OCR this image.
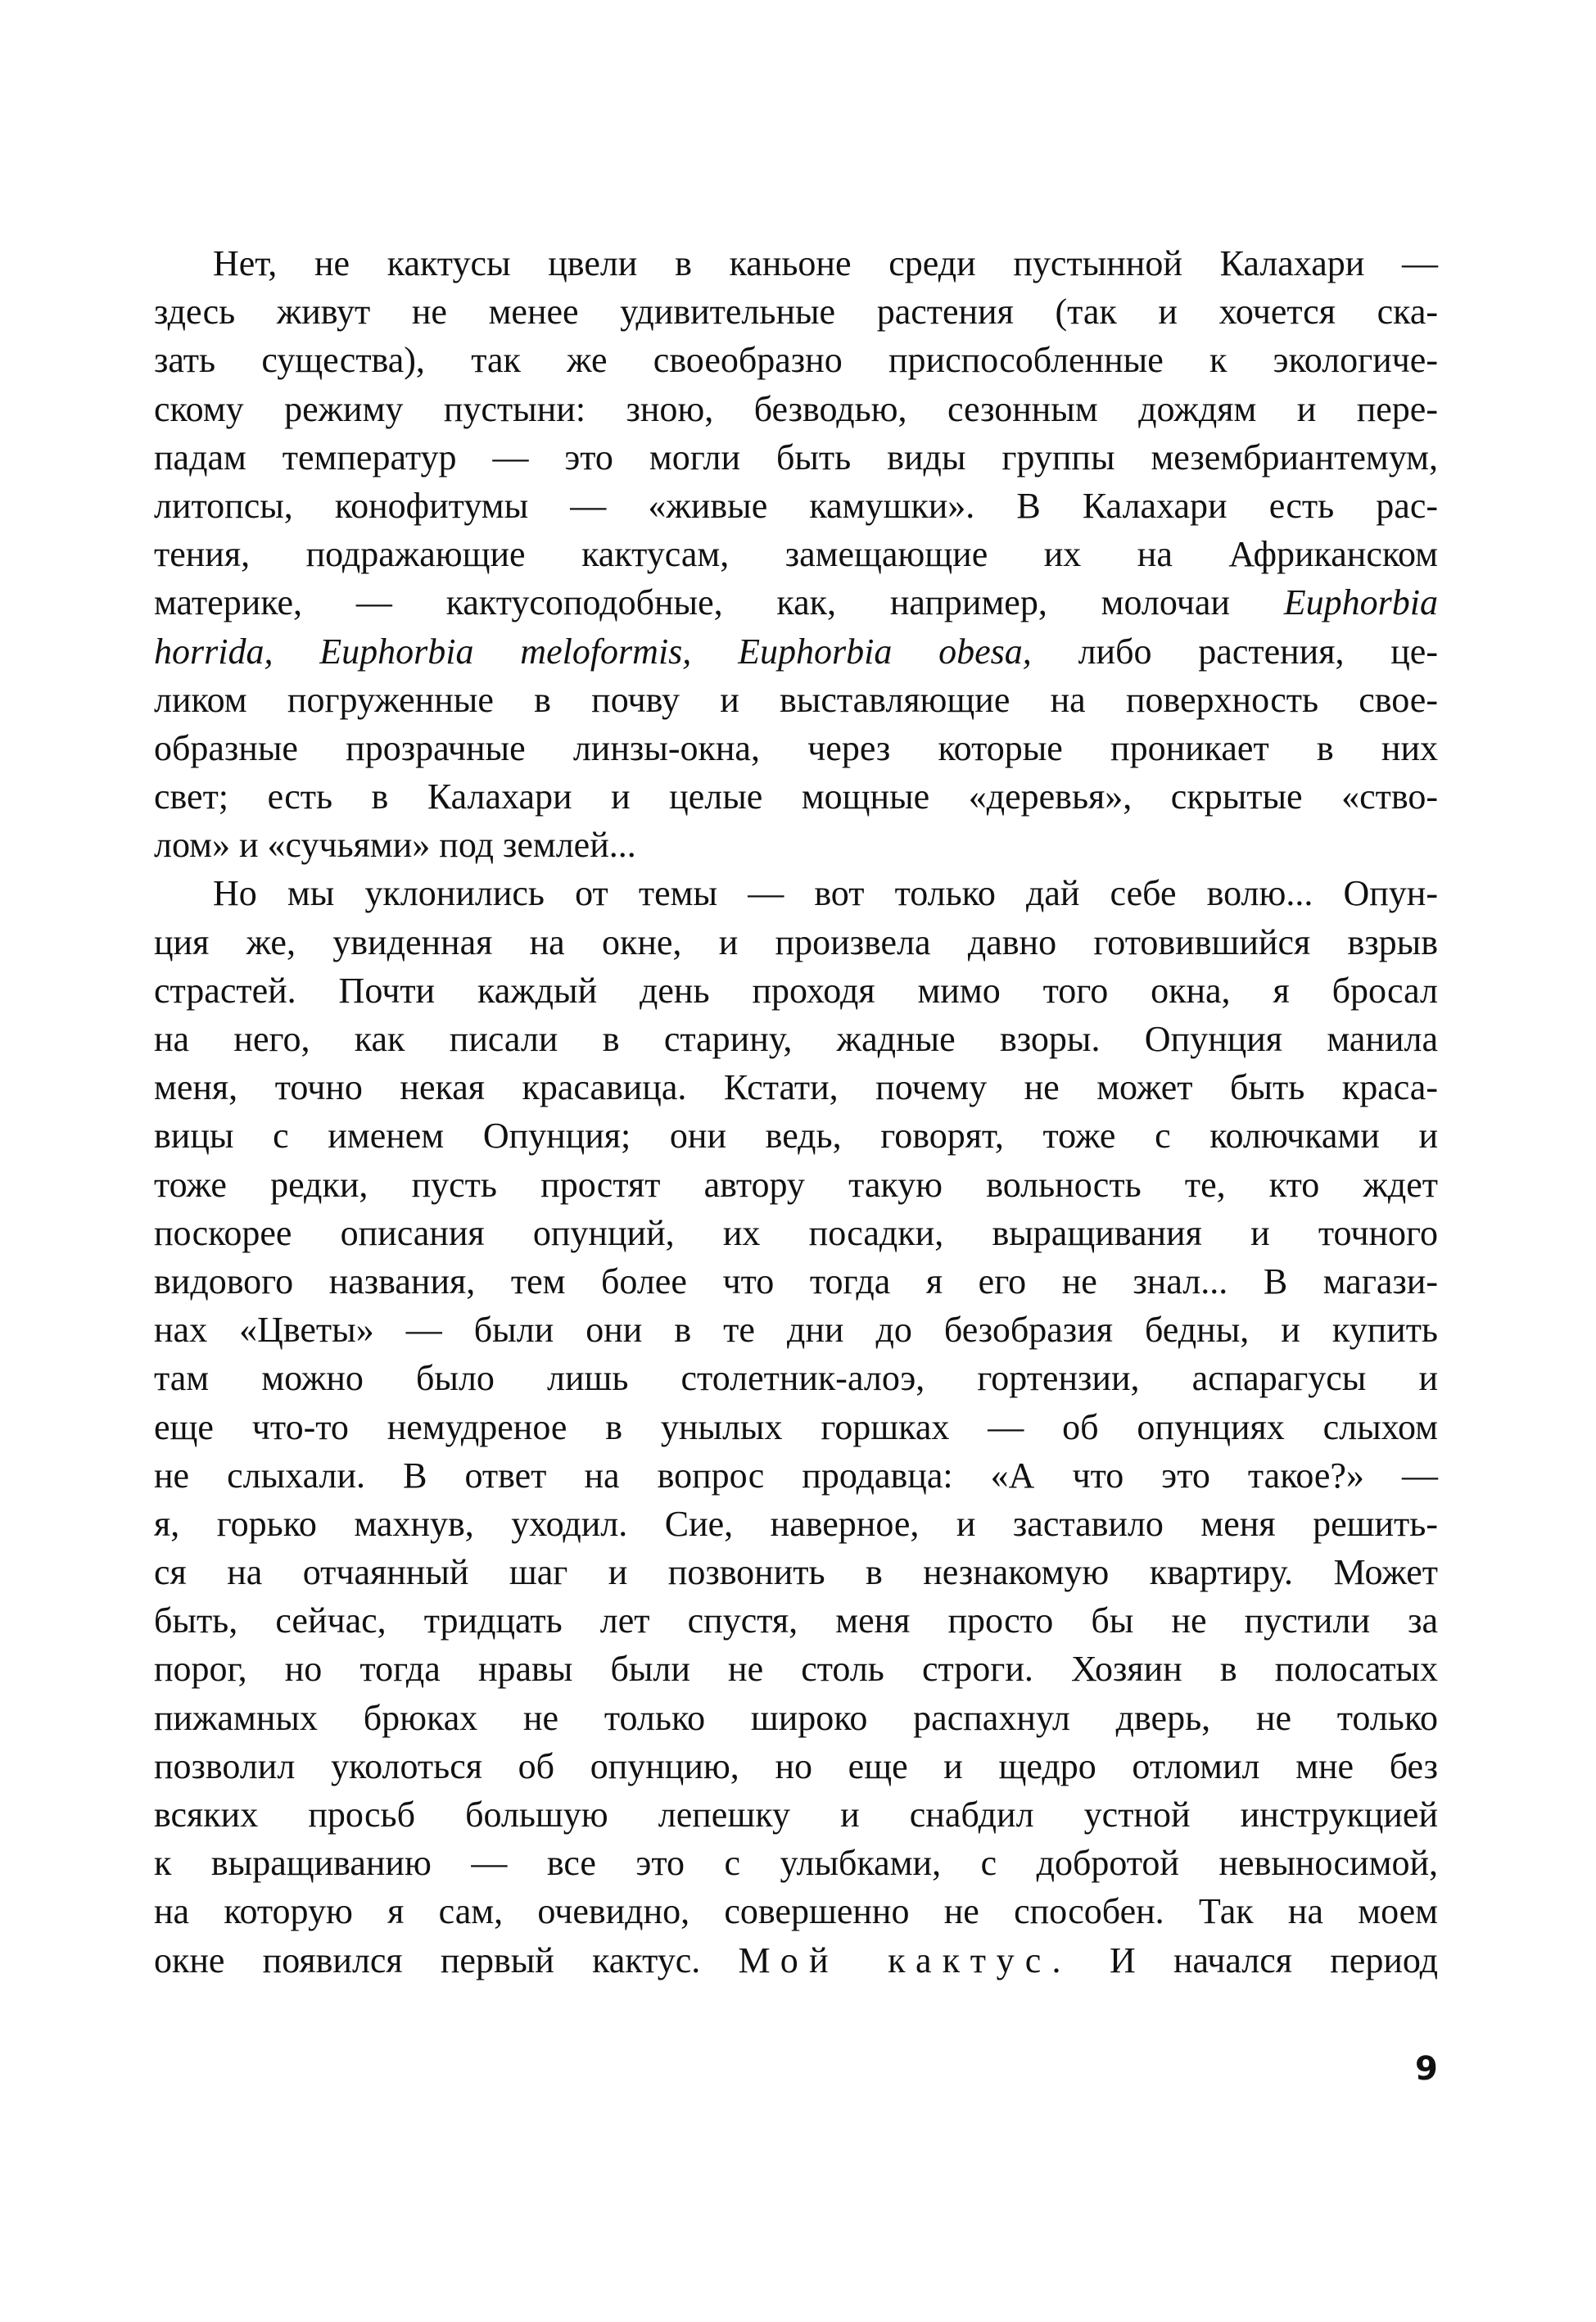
Нет, не кактусы цвели в каньоне среди пустынной Калахари —
здесь живут не менее удивительные растения (так и хочется ска-
зать существа), так же своеобразно приспособленные к экологиче-
скому режиму пустыни: зною, безводью, сезонным дождям и пере-
падам температур — это могли быть виды группы мезембриантемум,
литопсы, конофитумы — «живые камушки». В Калахари есть рас-
тения, подражающие кактусам, замещающие их на Африканском
материке, — кактусоподобные, как, например, молочаи Euphorbia
horrida, Euphorbia meloformis, Euphorbia obesa, либо растения, це-
ликом погруженные в почву и выставляющие на поверхность свое-
образные прозрачные линзы-окна, через которые проникает в них
свет; есть в Калахари и целые мощные «деревья», скрытые «ство-
лом» и «сучьями» под землей...
Но мы уклонились от темы — вот только дай себе волю... Опун-
ция же, увиденная на окне, и произвела давно готовившийся взрыв
страстей. Почти каждый день проходя мимо того окна, я бросал
на него, как писали в старину, жадные взоры. Опунция манила
меня, точно некая красавица. Кстати, почему не может быть краса-
вицы с именем Опунция; они ведь, говорят, тоже с колючками и
тоже редки, пусть простят автору такую вольность те, кто ждет
поскорее описания опунций, их посадки, выращивания и точного
видового названия, тем более что тогда я его не знал... В магази-
нах «Цветы» — были они в те дни до безобразия бедны, и купить
там можно было лишь столетник-алоэ, гортензии, аспарагусы и
еще что-то немудреное в унылых горшках — об опунциях слыхом
не слыхали. В ответ на вопрос продавца: «А что это такое?» —
я, горько махнув, уходил. Сие, наверное, и заставило меня решить-
ся на отчаянный шаг и позвонить в незнакомую квартиру. Может
быть, сейчас, тридцать лет спустя, меня просто бы не пустили за
порог, но тогда нравы были не столь строги. Хозяин в полосатых
пижамных брюках не только широко распахнул дверь, не только
позволил уколоться об опунцию, но еще и щедро отломил мне без
всяких просьб большую лепешку и снабдил устной инструкцией
к выращиванию — все это с улыбками, с добротой невыносимой,
на которую я сам, очевидно, совершенно не способен. Так на моем
окне появился первый кактус. Мой кактус. И начался период
9
